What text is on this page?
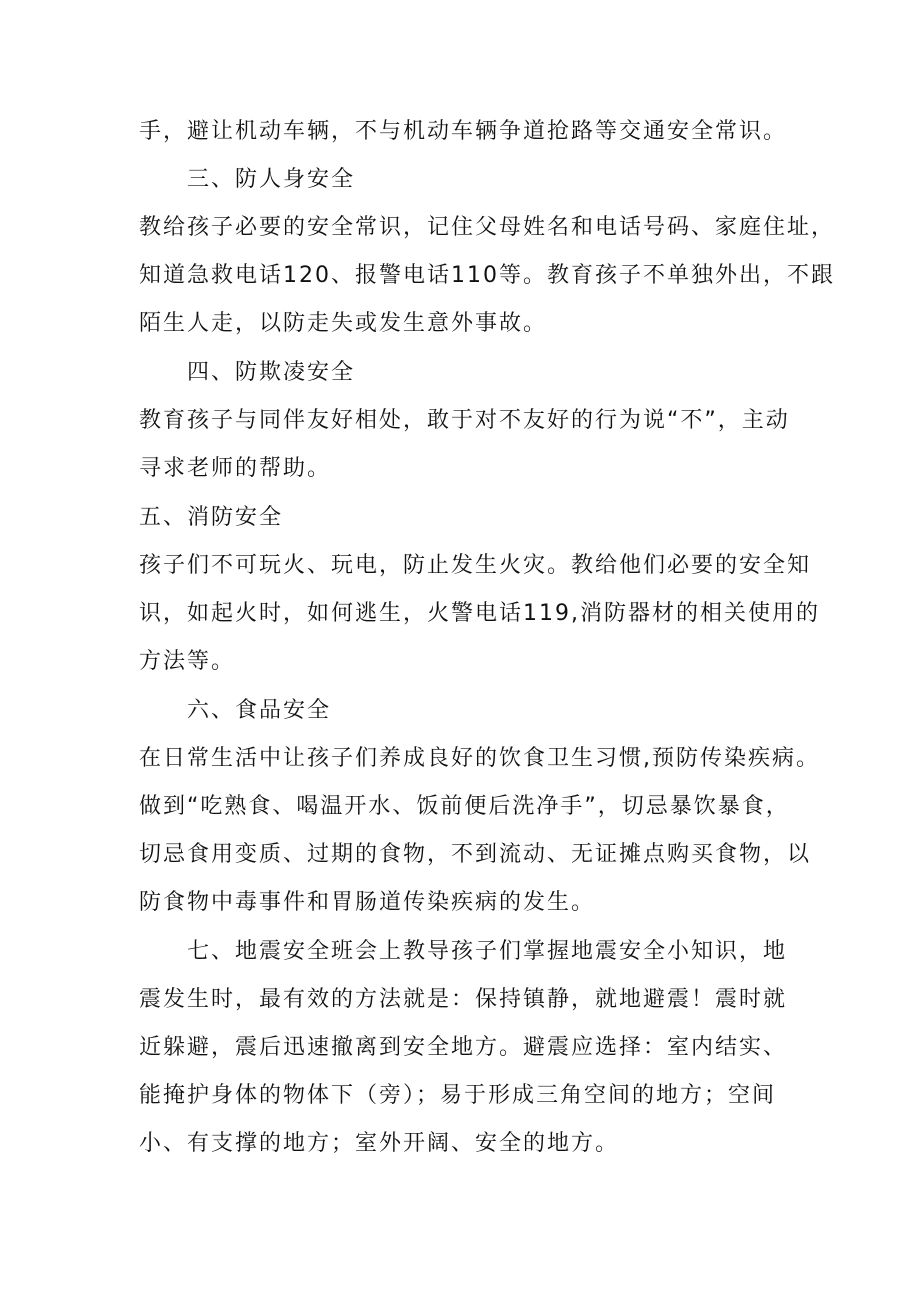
手，避让机动车辆，不与机动车辆争道抢路等交通安全常识。
三、防人身安全
教给孩子必要的安全常识，记住父母姓名和电话号码、家庭住址，
知道急救电话120、报警电话110等。教育孩子不单独外出，不跟
陌生人走，以防走失或发生意外事故。
四、防欺凌安全
教育孩子与同伴友好相处，敢于对不友好的行为说“不”，主动
寻求老师的帮助。
五、消防安全
孩子们不可玩火、玩电，防止发生火灾。教给他们必要的安全知
识，如起火时，如何逃生，火警电话119,消防器材的相关使用的
方法等。
六、食品安全
在日常生活中让孩子们养成良好的饮食卫生习惯,预防传染疾病。
做到“吃熟食、喝温开水、饭前便后洗净手”，切忌暴饮暴食，
切忌食用变质、过期的食物，不到流动、无证摊点购买食物，以
防食物中毒事件和胃肠道传染疾病的发生。
七、地震安全班会上教导孩子们掌握地震安全小知识，地
震发生时，最有效的方法就是：保持镇静，就地避震！震时就
近躲避，震后迅速撤离到安全地方。避震应选择：室内结实、
能掩护身体的物体下（旁）；易于形成三角空间的地方；空间
小、有支撑的地方；室外开阔、安全的地方。
